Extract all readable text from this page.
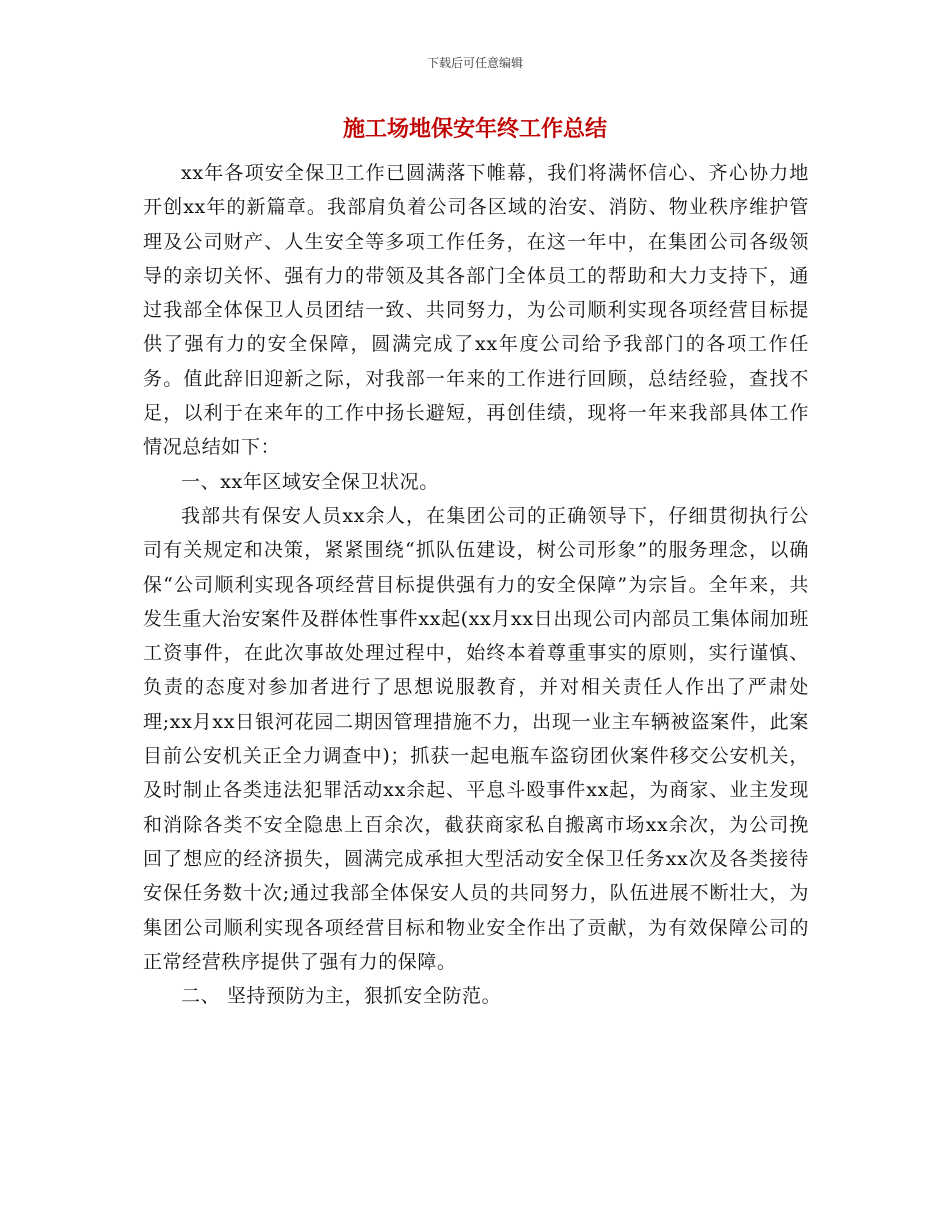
下载后可任意编辑
施工场地保安年终工作总结

xx年各项安全保卫工作已圆满落下帷幕，我们将满怀信心、齐心协力地开创xx年的新篇章。我部肩负着公司各区域的治安、消防、物业秩序维护管理及公司财产、人生安全等多项工作任务，在这一年中，在集团公司各级领导的亲切关怀、强有力的带领及其各部门全体员工的帮助和大力支持下，通过我部全体保卫人员团结一致、共同努力，为公司顺利实现各项经营目标提供了强有力的安全保障，圆满完成了xx年度公司给予我部门的各项工作任务。值此辞旧迎新之际，对我部一年来的工作进行回顾，总结经验，查找不足，以利于在来年的工作中扬长避短，再创佳绩，现将一年来我部具体工作情况总结如下：

一、xx年区域安全保卫状况。

我部共有保安人员xx余人，在集团公司的正确领导下，仔细贯彻执行公司有关规定和决策，紧紧围绕“抓队伍建设，树公司形象”的服务理念，以确保“公司顺利实现各项经营目标提供强有力的安全保障”为宗旨。全年来，共发生重大治安案件及群体性事件xx起(xx月xx日出现公司内部员工集体闹加班工资事件，在此次事故处理过程中，始终本着尊重事实的原则，实行谨慎、负责的态度对参加者进行了思想说服教育，并对相关责任人作出了严肃处理;xx月xx日银河花园二期因管理措施不力，出现一业主车辆被盗案件，此案目前公安机关正全力调查中)；抓获一起电瓶车盗窃团伙案件移交公安机关，及时制止各类违法犯罪活动xx余起、平息斗殴事件xx起，为商家、业主发现和消除各类不安全隐患上百余次，截获商家私自搬离市场xx余次，为公司挽回了想应的经济损失，圆满完成承担大型活动安全保卫任务xx次及各类接待安保任务数十次;通过我部全体保安人员的共同努力，队伍进展不断壮大，为集团公司顺利实现各项经营目标和物业安全作出了贡献，为有效保障公司的正常经营秩序提供了强有力的保障。

二、 坚持预防为主，狠抓安全防范。
